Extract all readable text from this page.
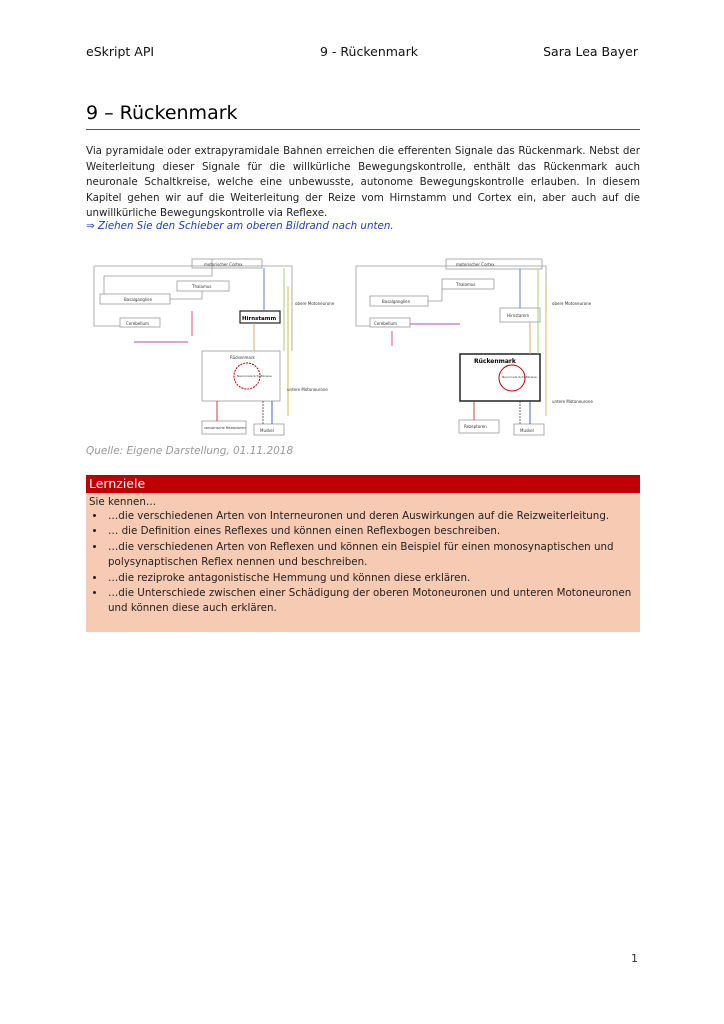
eSkript API	9 - Rückenmark	Sara Lea Bayer
9 – Rückenmark
Via pyramidale oder extrapyramidale Bahnen erreichen die efferenten Signale das Rückenmark. Nebst der Weiterleitung dieser Signale für die willkürliche Bewegungskontrolle, enthält das Rückenmark auch neuronale Schaltkreise, welche eine unbewusste, autonome Bewegungskontrolle erlauben. In diesem Kapitel gehen wir auf die Weiterleitung der Reize vom Hirnstamm und Cortex ein, aber auch auf die unwillkürliche Bewegungskontrolle via Reflexe.
⇒ Ziehen Sie den Schieber am oberen Bildrand nach unten.
motorischer Cortex
Thalamus
Basalganglien
Cerebellum
obere Motoneurone
Rückenmark
Neuronale Schaltkreise
untere Motoneurone
sensorische Rezeptoren	Muskel
Hirnstamm
motorischer Cortex
Thalamus
Basalganglien
Cerebellum
Hirnstamm
obere Motoneurone
Neuronale Schaltkreise
untere Motoneurone
Rezeptoren
Muskel
Rückenmark
Quelle: Eigene Darstellung, 01.11.2018
Lernziele
Sie kennen…
• …die verschiedenen Arten von Interneuronen und deren Auswirkungen auf die Reizweiterleitung.
• … die Definition eines Reflexes und können einen Reflexbogen beschreiben.
• …die verschiedenen Arten von Reflexen und können ein Beispiel für einen monosynaptischen und polysynaptischen Reflex nennen und beschreiben.
• …die reziproke antagonistische Hemmung und können diese erklären.
• …die Unterschiede zwischen einer Schädigung der oberen Motoneuronen und unteren Motoneuronen und können diese auch erklären.
1
